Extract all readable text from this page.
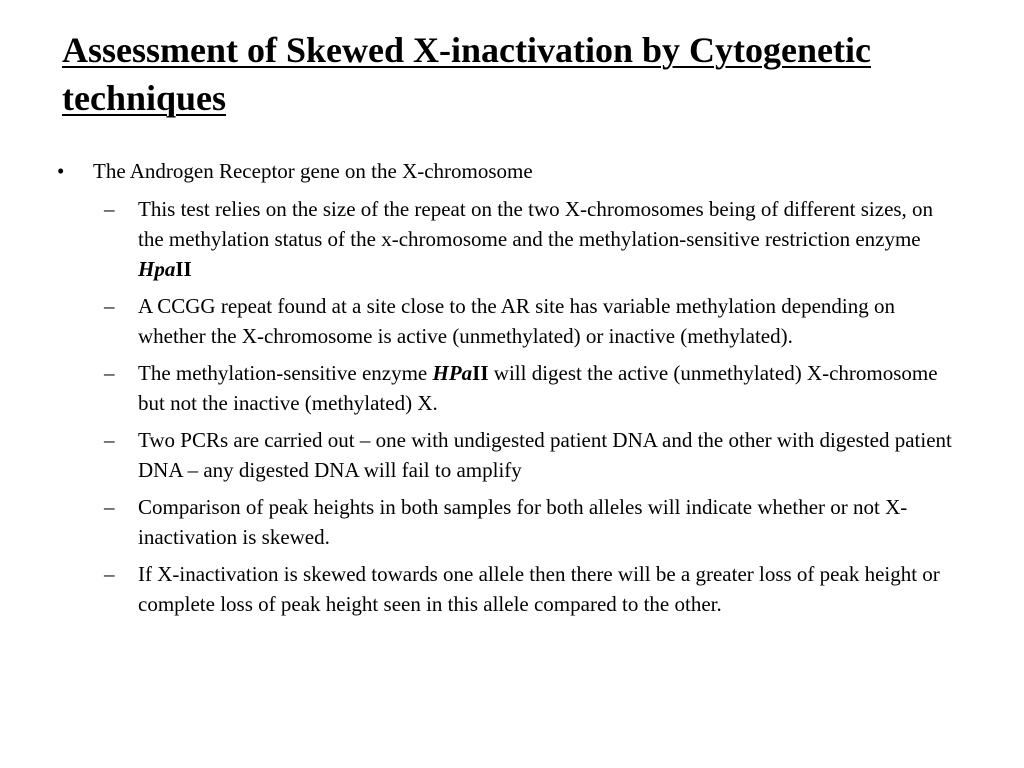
Assessment of Skewed X-inactivation by Cytogenetic techniques
• The Androgen Receptor gene on the X-chromosome
– This test relies on the size of the repeat on the two X-chromosomes being of different sizes, on the methylation status of the x-chromosome and the methylation-sensitive restriction enzyme HpaII
– A CCGG repeat found at a site close to the AR site has variable methylation depending on whether the X-chromosome is active (unmethylated) or inactive (methylated).
– The methylation-sensitive enzyme HPaII will digest the active (unmethylated) X-chromosome but not the inactive (methylated) X.
– Two PCRs are carried out – one with undigested patient DNA and the other with digested patient DNA – any digested DNA will fail to amplify
– Comparison of peak heights in both samples for both alleles will indicate whether or not X-inactivation is skewed.
– If X-inactivation is skewed towards one allele then there will be a greater loss of peak height or complete loss of peak height seen in this allele compared to the other.
